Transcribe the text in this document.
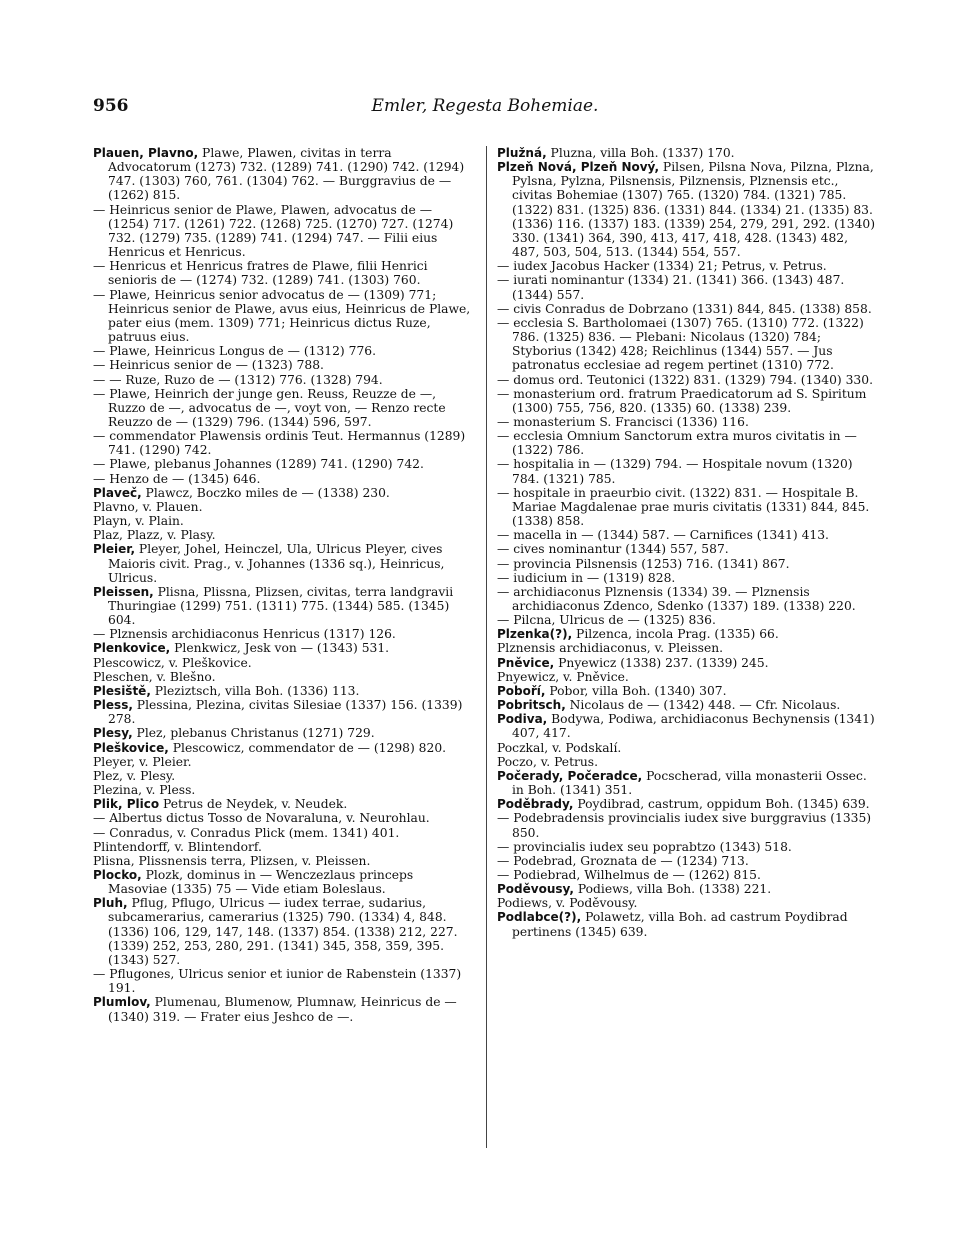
956	Emler, Regesta Bohemiae.

Plauen, Plavno, Plawe, Plawen, civitas in terra Advocatorum (1273) 732. (1289) 741. (1290) 742. (1294) 747. (1303) 760, 761. (1304) 762. — Burggravius de — (1262) 815.

— Heinricus senior de Plawe, Plawen, advocatus de — (1254) 717. (1261) 722. (1268) 725. (1270) 727. (1274) 732. (1279) 735. (1289) 741. (1294) 747. — Filii eius Henricus et Henricus.

— Henricus et Henricus fratres de Plawe, filii Henrici senioris de — (1274) 732. (1289) 741. (1303) 760.

— Plawe, Heinricus senior advocatus de — (1309) 771; Heinricus senior de Plawe, avus eius, Heinricus de Plawe, pater eius (mem. 1309) 771; Heinricus dictus Ruze, patruus eius.

— Plawe, Heinricus Longus de — (1312) 776.

— Heinricus senior de — (1323) 788.

— — Ruze, Ruzo de — (1312) 776. (1328) 794.

— Plawe, Heinrich der junge gen. Reuss, Reuzze de —, Ruzzo de —, advocatus de —, voyt von, — Renzo recte Reuzzo de — (1329) 796. (1344) 596, 597.

— commendator Plawensis ordinis Teut. Hermannus (1289) 741. (1290) 742.

— Plawe, plebanus Johannes (1289) 741. (1290) 742.

— Henzo de — (1345) 646.

Plaveč, Plawcz, Boczko miles de — (1338) 230.

Plavno, v. Plauen.

Playn, v. Plain.

Plaz, Plazz, v. Plasy.

Pleier, Pleyer, Johel, Heinczel, Ula, Ulricus Pleyer, cives Maioris civit. Prag., v. Johannes (1336 sq.), Heinricus, Ulricus.

Pleissen, Plisna, Plissna, Plizsen, civitas, terra landgravii Thuringiae (1299) 751. (1311) 775. (1344) 585. (1345) 604.

— Plznensis archidiaconus Henricus (1317) 126.

Plenkovice, Plenkwicz, Jesk von — (1343) 531.

Plescowicz, v. Pleškovice.

Pleschen, v. Blešno.

Plesiště, Pleziztsch, villa Boh. (1336) 113.

Pless, Plessina, Plezina, civitas Silesiae (1337) 156. (1339) 278.

Plesy, Plez, plebanus Christanus (1271) 729.

Pleškovice, Plescowicz, commendator de — (1298) 820.

Pleyer, v. Pleier.

Plez, v. Plesy.

Plezina, v. Pless.

Plik, Plico Petrus de Neydek, v. Neudek.

— Albertus dictus Tosso de Novaraluna, v. Neurohlau.

— Conradus, v. Conradus Plick (mem. 1341) 401.

Plintendorff, v. Blintendorf.

Plisna, Plissnensis terra, Plizsen, v. Pleissen.

Plocko, Plozk, dominus in — Wenczezlaus princeps Masoviae (1335) 75 — Vide etiam Boleslaus.

Pluh, Pflug, Pflugo, Ulricus — iudex terrae, sudarius, subcamerarius, camerarius (1325) 790. (1334) 4, 848. (1336) 106, 129, 147, 148. (1337) 854. (1338) 212, 227. (1339) 252, 253, 280, 291. (1341) 345, 358, 359, 395. (1343) 527.

— Pflugones, Ulricus senior et iunior de Rabenstein (1337) 191.

Plumlov, Plumenau, Blumenow, Plumnaw, Heinricus de — (1340) 319. — Frater eius Jeshco de —.

Plužná, Pluzna, villa Boh. (1337) 170.

Plzeň Nová, Plzeň Nový, Pilsen, Pilsna Nova, Pilzna, Plzna, Pylsna, Pylzna, Pilsnensis, Pilznensis, Plznensis etc., civitas Bohemiae (1307) 765. (1320) 784. (1321) 785. (1322) 831. (1325) 836. (1331) 844. (1334) 21. (1335) 83. (1336) 116. (1337) 183. (1339) 254, 279, 291, 292. (1340) 330. (1341) 364, 390, 413, 417, 418, 428. (1343) 482, 487, 503, 504, 513. (1344) 554, 557.

— iudex Jacobus Hacker (1334) 21; Petrus, v. Petrus.

— iurati nominantur (1334) 21. (1341) 366. (1343) 487. (1344) 557.

— civis Conradus de Dobrzano (1331) 844, 845. (1338) 858.

— ecclesia S. Bartholomaei (1307) 765. (1310) 772. (1322) 786. (1325) 836. — Plebani: Nicolaus (1320) 784; Styborius (1342) 428; Reichlinus (1344) 557. — Jus patronatus ecclesiae ad regem pertinet (1310) 772.

— domus ord. Teutonici (1322) 831. (1329) 794. (1340) 330.

— monasterium ord. fratrum Praedicatorum ad S. Spiritum (1300) 755, 756, 820. (1335) 60. (1338) 239.

— monasterium S. Francisci (1336) 116.

— ecclesia Omnium Sanctorum extra muros civitatis in — (1322) 786.

— hospitalia in — (1329) 794. — Hospitale novum (1320) 784. (1321) 785.

— hospitale in praeurbio civit. (1322) 831. — Hospitale B. Mariae Magdalenae prae muris civitatis (1331) 844, 845. (1338) 858.

— macella in — (1344) 587. — Carnifices (1341) 413.

— cives nominantur (1344) 557, 587.

— provincia Pilsnensis (1253) 716. (1341) 867.

— iudicium in — (1319) 828.

— archidiaconus Plznensis (1334) 39. — Plznensis archidiaconus Zdenco, Sdenko (1337) 189. (1338) 220.

— Pilcna, Ulricus de — (1325) 836.

Plzenka(?), Pilzenca, incola Prag. (1335) 66.

Plznensis archidiaconus, v. Pleissen.

Pněvice, Pnyewicz (1338) 237. (1339) 245.

Pnyewicz, v. Pněvice.

Poboří, Pobor, villa Boh. (1340) 307.

Pobritsch, Nicolaus de — (1342) 448. — Cfr. Nicolaus.

Podiva, Bodywa, Podiwa, archidiaconus Bechynensis (1341) 407, 417.

Poczkal, v. Podskalí.

Poczo, v. Petrus.

Počerady, Počeradce, Pocscherad, villa monasterii Ossec. in Boh. (1341) 351.

Poděbrady, Poydibrad, castrum, oppidum Boh. (1345) 639.

— Podebradensis provincialis iudex sive burggravius (1335) 850.

— provincialis iudex seu poprabtzo (1343) 518.

— Podebrad, Groznata de — (1234) 713.

— Podiebrad, Wilhelmus de — (1262) 815.

Poděvousy, Podiews, villa Boh. (1338) 221.

Podiews, v. Poděvousy.

Podlabce(?), Polawetz, villa Boh. ad castrum Poydibrad pertinens (1345) 639.
